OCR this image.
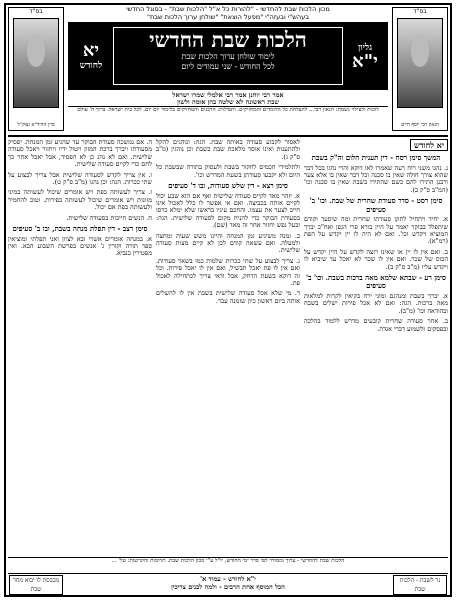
בס"ד
מרן החיד"א זצוק"ל
בס"ד
הגאון רבי יוסף חיים
מכון הלכות שבת להחדשי - "להורות כל א"ל "הלכות שבת" - בסוגל החדשי
בעהש"י ובעזה"י "מפעל הוצאת" "שולחן ערוך הלכות שבת"
יא
לחודש
הלכות שבת החדשי
לימוד שולחן ערוך הלכות שבת
לכל החודש - שני עמודים ליום
גליון
י"א
אמר רבי יוחנן אמר רבי אלמלי שמרו ישראל
שבת ראשונה לא שלטה בהן אומה ולשון
לזכות ולעילוי נשמת: הגאון רבי... להצלחת כל הלומדים והמחזיקים. ותפילות: הרבנים והמחזיקים בלימוד יום יום. לכל בית ישראל. ברוך ה' עולם
יא לחודש
המשך סימן רסח - דין תענית חלום וה"ק בשבת

ג. נהגו משני רוח רעה שאמרו לאו דוקא והרי נהגו בכל דבר שהוא צורך חולה שאין בו סכנה וכל דבר שאין בו אלא צער ורבנן התירו להם כשם שהתירו בשבת שאין בו סכנה וכו' (המ"ב ס"ק ב).

סימן רסט - סדר סעודת שחרית של שבת. וכו' ב' סעיפים

א. יחיד ויתחיל לתקן סעודתו שחרית ומה שיסעד וקודם שיתפלל בבוקר יאמר על היין בורא פרי הגפן ואח"כ יברך המוציא ויקדש וכו'. ואם לא היה לו יין יקדש על הפת (רמ"א).

ב. ואם אין לו יין או שאינו רוצה לקדש על היין יקדש על הכוס של שכר. ואם אין לו שכר לא יאכל עד שיביא לו ויקדש עליו (מ"ב ס"ק ב).

סימן רע - שבתא שלמא מאה ברכות בשבת. וכו' ב' סעיפים

א. יברך בשבת ומנהגם ומוני ירח בקיאין לקרות למלאות מאה ברכות. הגה: ואם לא אכל פירות ישלים בשבח ובהודאה וכו' (מ"ב).

ב. אחר סעודה שחרית קובעים מדרש ללמוד בהלכה ובפסקים ולשמוע דברי אגדה.

לאסור לקבוע סעודה באותה שבת. הגה: ונוהגים להקל ולהתענות ואינו אוסר מלאכת שבת בשבת וכן נוהגין (מ"ב ס"ק ג).

ולתלמידי חכמים לחקור בשבת ולעסוק בתורה שבשבת כל היום ולא יקבעו סעודתן בשעת המדרש וכו'.

סימן רצא - דין שלש סעודות, ובו ד' סעיפים

א. יזהר מאד לקיים סעודה שלישית ואף אם הוא שבע יכול לקיים אותה בכביצה. ואם אי אפשר לו כלל לאכול אינו חייב לצער את עצמו. והחכם עיניו בראשו שלא ימלא כרסו בסעודת הבוקר כדי להניח מקום לסעודה שלישית. הגה: ובעל נפש יחזור אחר זה מאד (שם).

ב. זמנה משיגיע זמן המנחה והיינו משש שעות ומחצה ולמעלה. ואם עשאה קודם לכן לא קיים מצות סעודה שלישית.

ג. צריך לבצוע על שתי ככרות שלמות כמו בשאר סעודות. ואם אין לו פת יאכל תבשיל, ואם אין לו יאכל פירות. וכל זה דוקא בשעת הדחק, אבל ודאי צריך לכתחילה לאכול פת.

ד. מי שלא אכל סעודה שלישית בשבת אין לו להשלים אותה ביום ראשון כיון שזמנה עבר.

ה. אם נמשכה סעודת הבוקר עד שהגיע זמן המנחה. יפסיק מסעודתו ויברך ברכת המזון ויטול ידיו ויחזור ויאכל סעודה שלישית. ואם לא נהג כן לא הפסיד, אבל יאכל אחר כך לחם כדי לקיים סעודה שלישית.

ו. אין צריך לקדש לסעודה שלישית אבל צריך לבצוע על שתי ככרות. הגה: וכן נהגו (מ"ב ס"ק ט).

ז. צריך לעשותה בפת ויש אומרים שיכול לעשותה במיני מזונות ויש אומרים שיכול לעשותה בפירות. וטוב להחמיר ולעשותה בפת אם יכול.

ח. הנשים חייבות בסעודה שלישית.

סימן רצב - דין תפלת מנחה בשבת, ובו ב' סעיפים

א. במנחה אומרים אשרי ובא לציון ואני תפלתי ומוציאין ספר תורה וקורין ג' אנשים בפרשת השבוע הבא. ואין מפטירין בנביא.

הלכות שבת להחדשי - ערוך ומסודר לפי סדר ימי החודש, יו"ל ע"י מכון הלכות שבת. תרומות והקדשות: טל' ...
מכבסת לו יבוא מחר שבת
י"א לחודש - עמוד א'
הכל המוסף אחת הרבים - ולמה לבנים צריכין
נר לשבת - הלכות שבת
